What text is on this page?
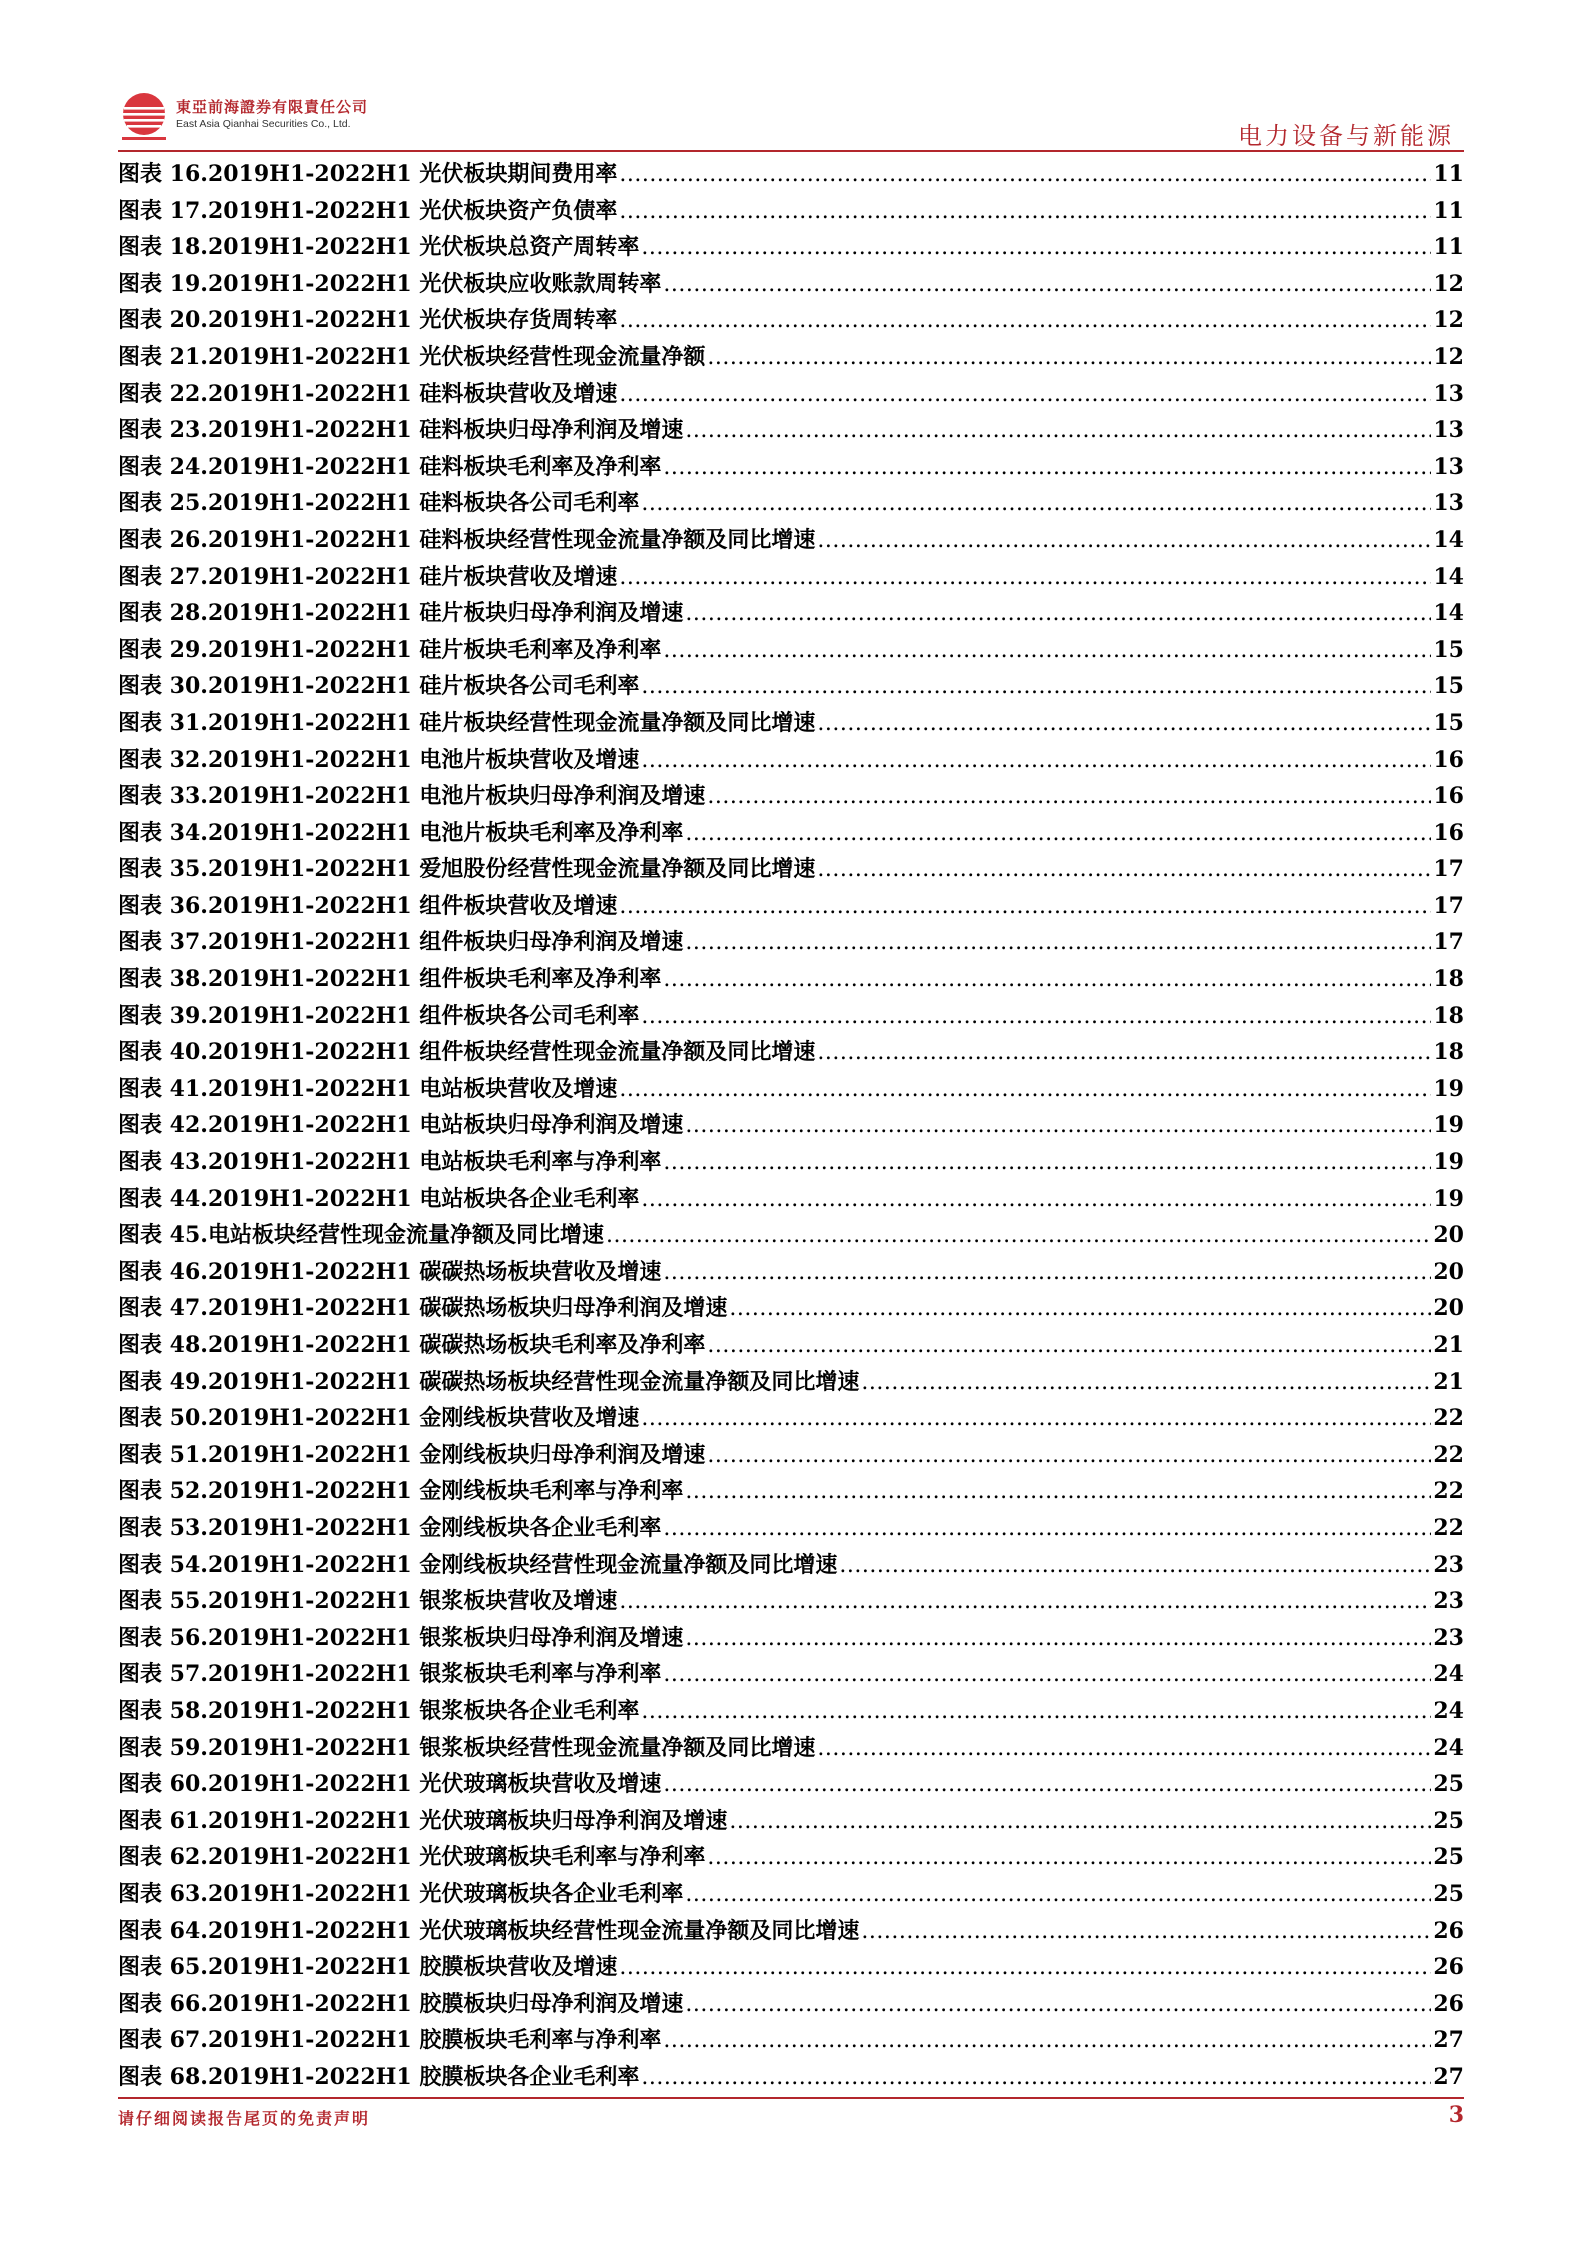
東亞前海證券有限責任公司
East Asia Qianhai Securities Co., Ltd.	电力设备与新能源
图表 16. 2019H1-2022H1 光伏板块期间费用率 .....	11
图表 17. 2019H1-2022H1 光伏板块资产负债率 .....	11
图表 18. 2019H1-2022H1 光伏板块总资产周转率 .....	11
图表 19. 2019H1-2022H1 光伏板块应收账款周转率 .....	12
图表 20. 2019H1-2022H1 光伏板块存货周转率 .....	12
图表 21. 2019H1-2022H1 光伏板块经营性现金流量净额 .....	12
图表 22. 2019H1-2022H1 硅料板块营收及增速 .....	13
图表 23. 2019H1-2022H1 硅料板块归母净利润及增速 .....	13
图表 24. 2019H1-2022H1 硅料板块毛利率及净利率 .....	13
图表 25. 2019H1-2022H1 硅料板块各公司毛利率 .....	13
图表 26. 2019H1-2022H1 硅料板块经营性现金流量净额及同比增速 .....	14
图表 27. 2019H1-2022H1 硅片板块营收及增速 .....	14
图表 28. 2019H1-2022H1 硅片板块归母净利润及增速 .....	14
图表 29. 2019H1-2022H1 硅片板块毛利率及净利率 .....	15
图表 30. 2019H1-2022H1 硅片板块各公司毛利率 .....	15
图表 31. 2019H1-2022H1 硅片板块经营性现金流量净额及同比增速 .....	15
图表 32. 2019H1-2022H1 电池片板块营收及增速 .....	16
图表 33. 2019H1-2022H1 电池片板块归母净利润及增速 .....	16
图表 34. 2019H1-2022H1 电池片板块毛利率及净利率 .....	16
图表 35. 2019H1-2022H1 爱旭股份经营性现金流量净额及同比增速 .....	17
图表 36. 2019H1-2022H1 组件板块营收及增速 .....	17
图表 37. 2019H1-2022H1 组件板块归母净利润及增速 .....	17
图表 38. 2019H1-2022H1 组件板块毛利率及净利率 .....	18
图表 39. 2019H1-2022H1 组件板块各公司毛利率 .....	18
图表 40. 2019H1-2022H1 组件板块经营性现金流量净额及同比增速 .....	18
图表 41. 2019H1-2022H1 电站板块营收及增速 .....	19
图表 42. 2019H1-2022H1 电站板块归母净利润及增速 .....	19
图表 43. 2019H1-2022H1 电站板块毛利率与净利率 .....	19
图表 44. 2019H1-2022H1 电站板块各企业毛利率 .....	19
图表 45. 电站板块经营性现金流量净额及同比增速 .....	20
图表 46. 2019H1-2022H1 碳碳热场板块营收及增速 .....	20
图表 47. 2019H1-2022H1 碳碳热场板块归母净利润及增速 .....	20
图表 48. 2019H1-2022H1 碳碳热场板块毛利率及净利率 .....	21
图表 49. 2019H1-2022H1 碳碳热场板块经营性现金流量净额及同比增速 .....	21
图表 50. 2019H1-2022H1 金刚线板块营收及增速 .....	22
图表 51. 2019H1-2022H1 金刚线板块归母净利润及增速 .....	22
图表 52. 2019H1-2022H1 金刚线板块毛利率与净利率 .....	22
图表 53. 2019H1-2022H1 金刚线板块各企业毛利率 .....	22
图表 54. 2019H1-2022H1 金刚线板块经营性现金流量净额及同比增速 .....	23
图表 55. 2019H1-2022H1 银浆板块营收及增速 .....	23
图表 56. 2019H1-2022H1 银浆板块归母净利润及增速 .....	23
图表 57. 2019H1-2022H1 银浆板块毛利率与净利率 .....	24
图表 58. 2019H1-2022H1 银浆板块各企业毛利率 .....	24
图表 59. 2019H1-2022H1 银浆板块经营性现金流量净额及同比增速 .....	24
图表 60. 2019H1-2022H1 光伏玻璃板块营收及增速 .....	25
图表 61. 2019H1-2022H1 光伏玻璃板块归母净利润及增速 .....	25
图表 62. 2019H1-2022H1 光伏玻璃板块毛利率与净利率 .....	25
图表 63. 2019H1-2022H1 光伏玻璃板块各企业毛利率 .....	25
图表 64. 2019H1-2022H1 光伏玻璃板块经营性现金流量净额及同比增速 .....	26
图表 65. 2019H1-2022H1 胶膜板块营收及增速 .....	26
图表 66. 2019H1-2022H1 胶膜板块归母净利润及增速 .....	26
图表 67. 2019H1-2022H1 胶膜板块毛利率与净利率 .....	27
图表 68. 2019H1-2022H1 胶膜板块各企业毛利率 .....	27
请仔细阅读报告尾页的免责声明	3
